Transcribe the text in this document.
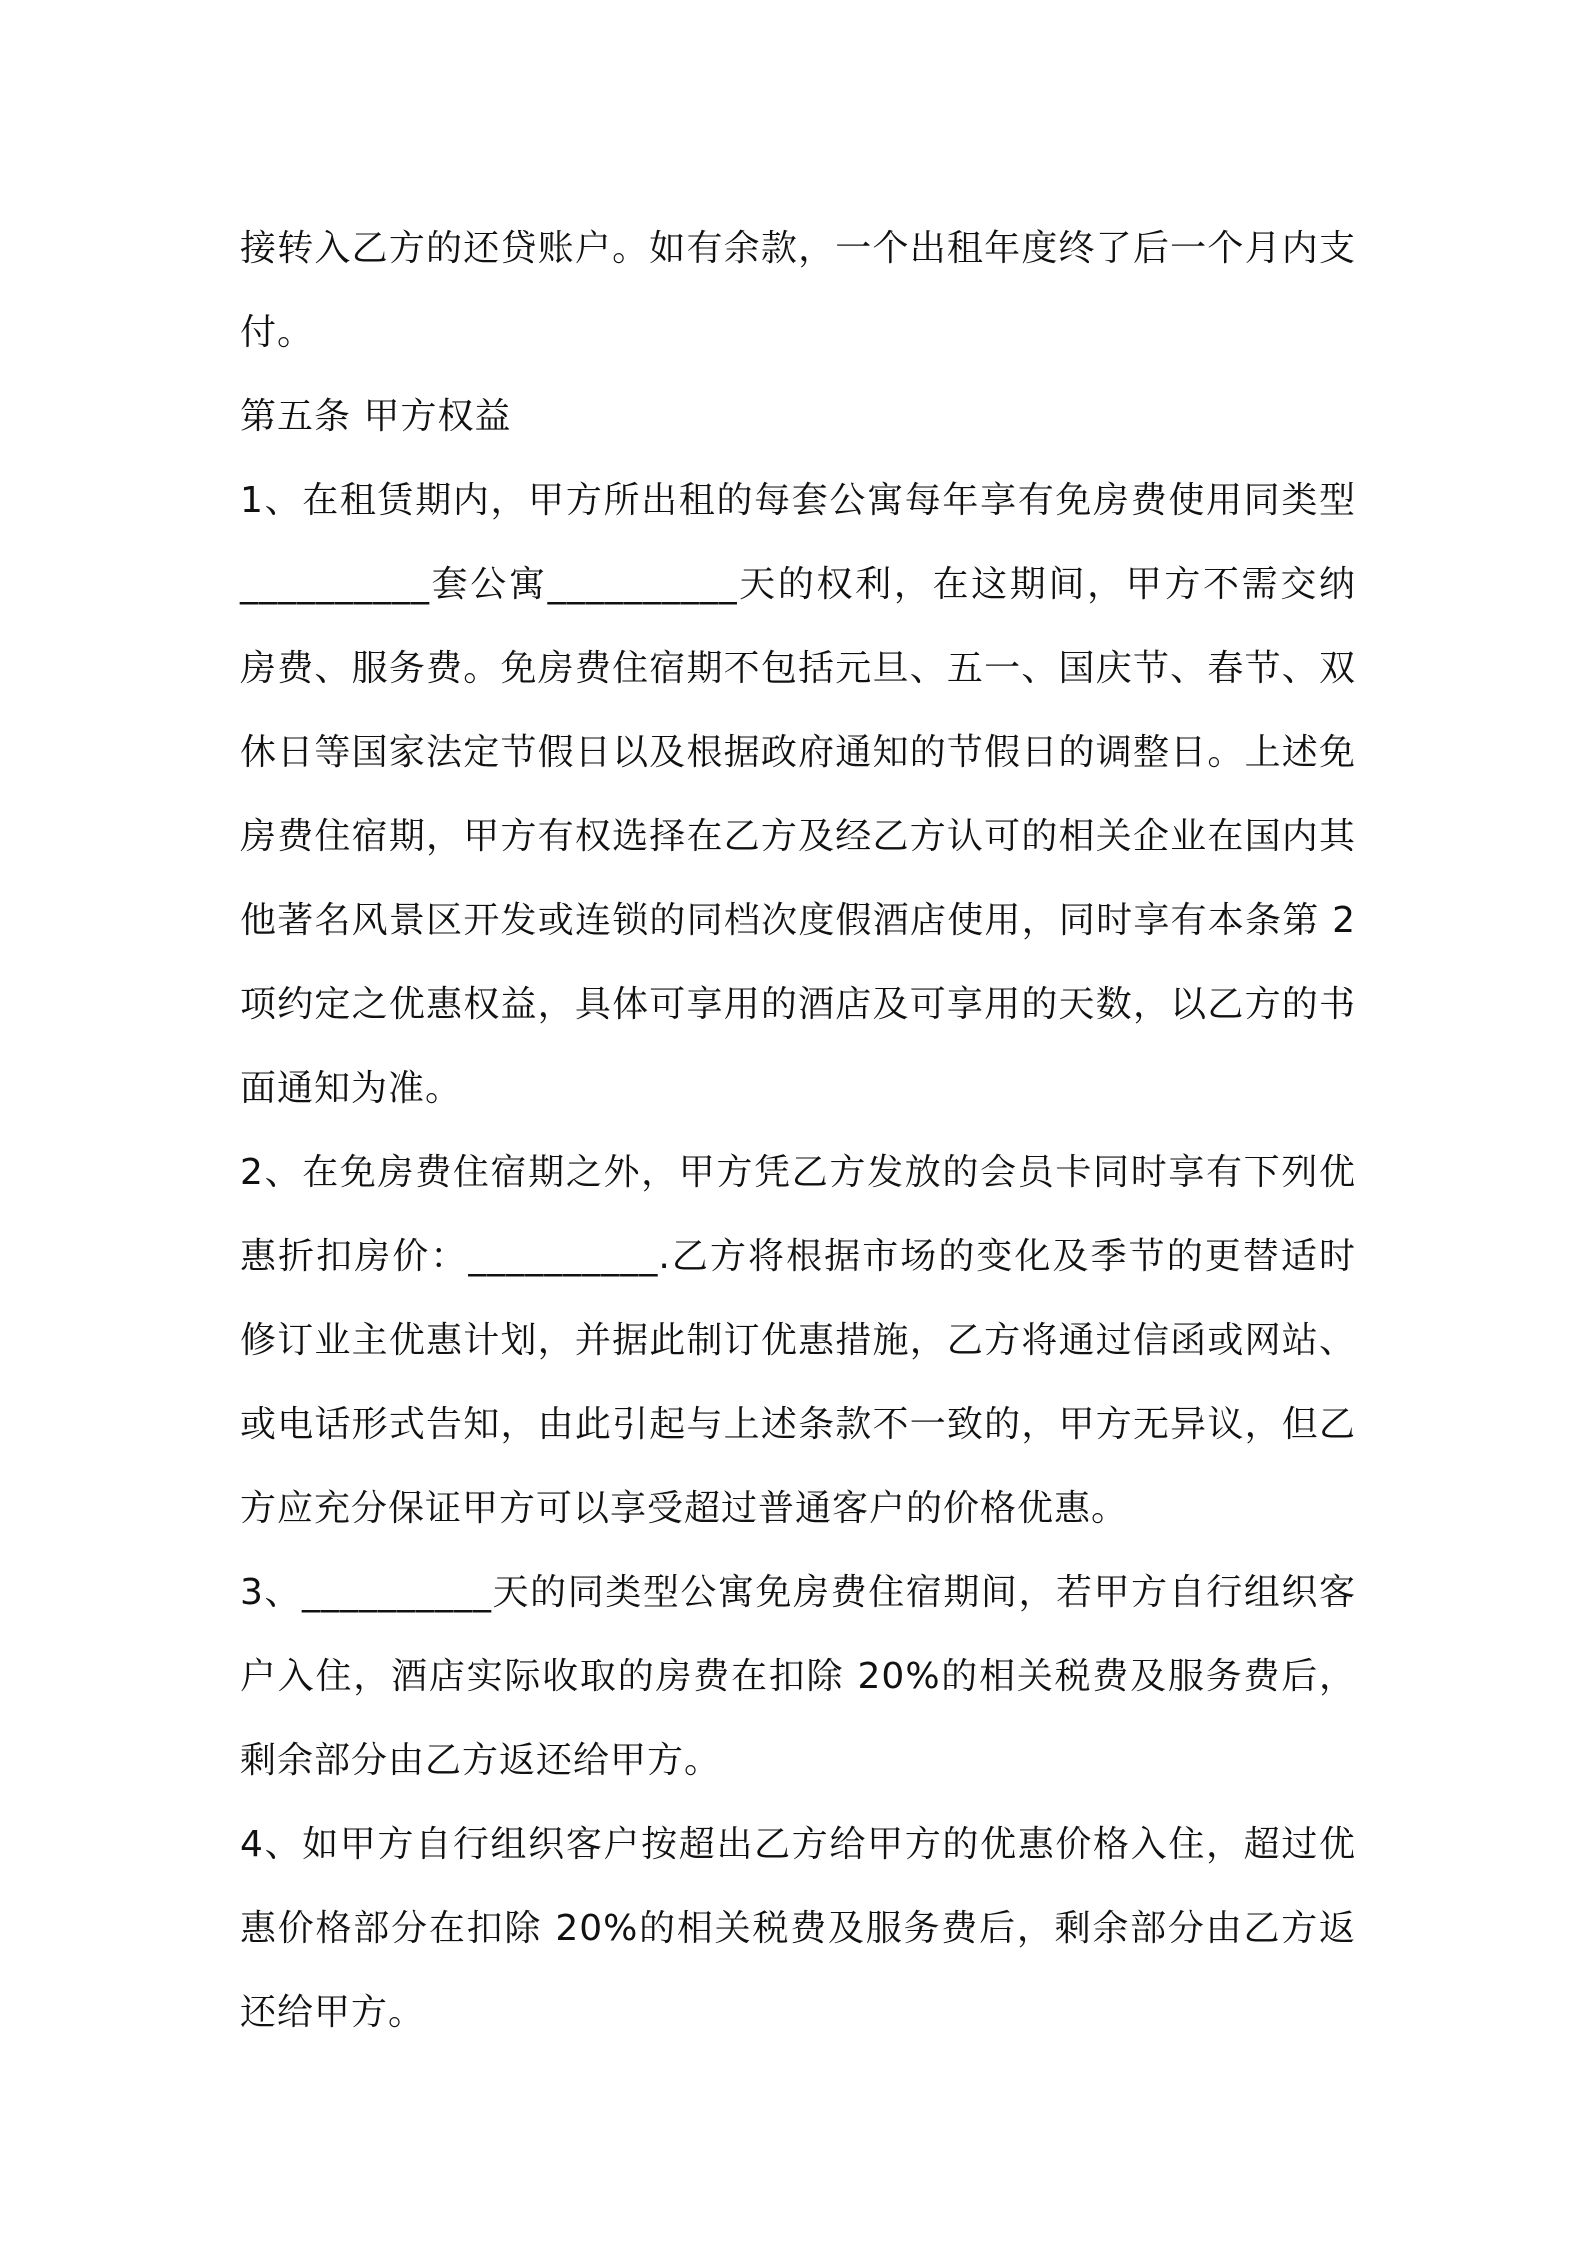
接转入乙方的还贷账户。如有余款，一个出租年度终了后一个月内支付。

第五条 甲方权益

1、在租赁期内，甲方所出租的每套公寓每年享有免房费使用同类型__________套公寓__________天的权利，在这期间，甲方不需交纳房费、服务费。免房费住宿期不包括元旦、五一、国庆节、春节、双休日等国家法定节假日以及根据政府通知的节假日的调整日。上述免房费住宿期，甲方有权选择在乙方及经乙方认可的相关企业在国内其他著名风景区开发或连锁的同档次度假酒店使用，同时享有本条第 2 项约定之优惠权益，具体可享用的酒店及可享用的天数，以乙方的书面通知为准。

2、在免房费住宿期之外，甲方凭乙方发放的会员卡同时享有下列优惠折扣房价：__________.乙方将根据市场的变化及季节的更替适时修订业主优惠计划，并据此制订优惠措施，乙方将通过信函或网站、或电话形式告知，由此引起与上述条款不一致的，甲方无异议，但乙方应充分保证甲方可以享受超过普通客户的价格优惠。

3、__________天的同类型公寓免房费住宿期间，若甲方自行组织客户入住，酒店实际收取的房费在扣除 20%的相关税费及服务费后，剩余部分由乙方返还给甲方。

4、如甲方自行组织客户按超出乙方给甲方的优惠价格入住，超过优惠价格部分在扣除 20%的相关税费及服务费后，剩余部分由乙方返还给甲方。
